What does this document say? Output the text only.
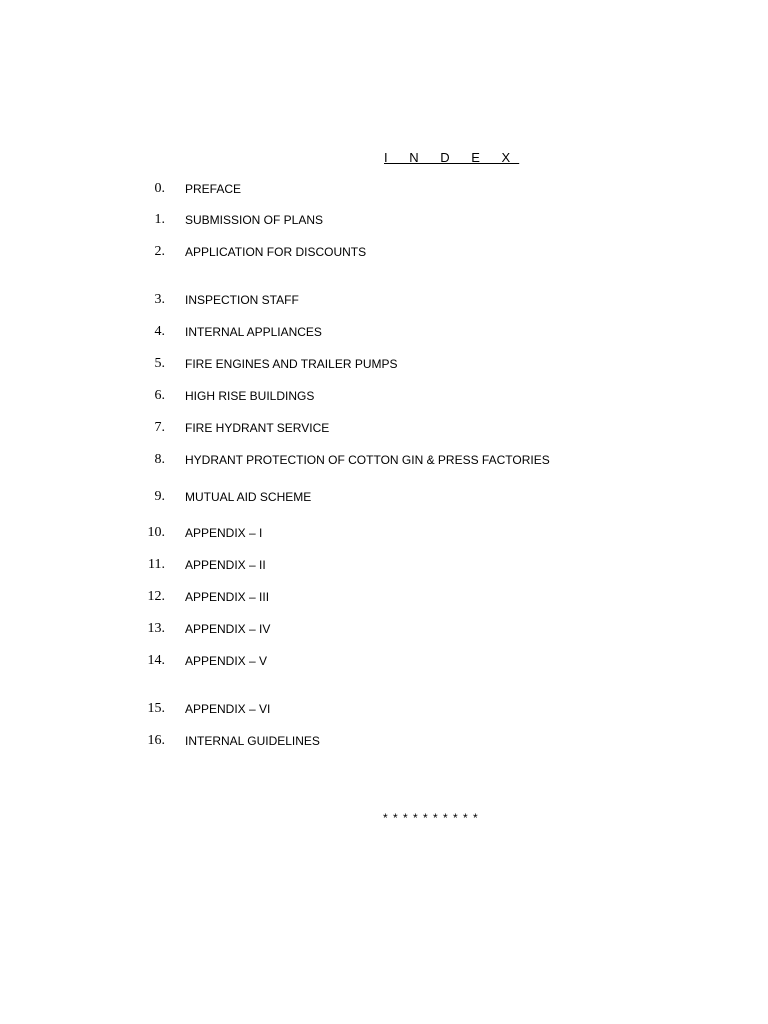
I N D E X
0. PREFACE
1. SUBMISSION OF PLANS
2. APPLICATION FOR DISCOUNTS
3. INSPECTION STAFF
4. INTERNAL APPLIANCES
5. FIRE ENGINES AND TRAILER PUMPS
6. HIGH RISE BUILDINGS
7. FIRE HYDRANT SERVICE
8. HYDRANT PROTECTION OF COTTON GIN & PRESS FACTORIES
9. MUTUAL AID SCHEME
10. APPENDIX – I
11. APPENDIX – II
12. APPENDIX – III
13. APPENDIX – IV
14. APPENDIX – V
15. APPENDIX – VI
16. INTERNAL GUIDELINES
* * * * * * * * * *
